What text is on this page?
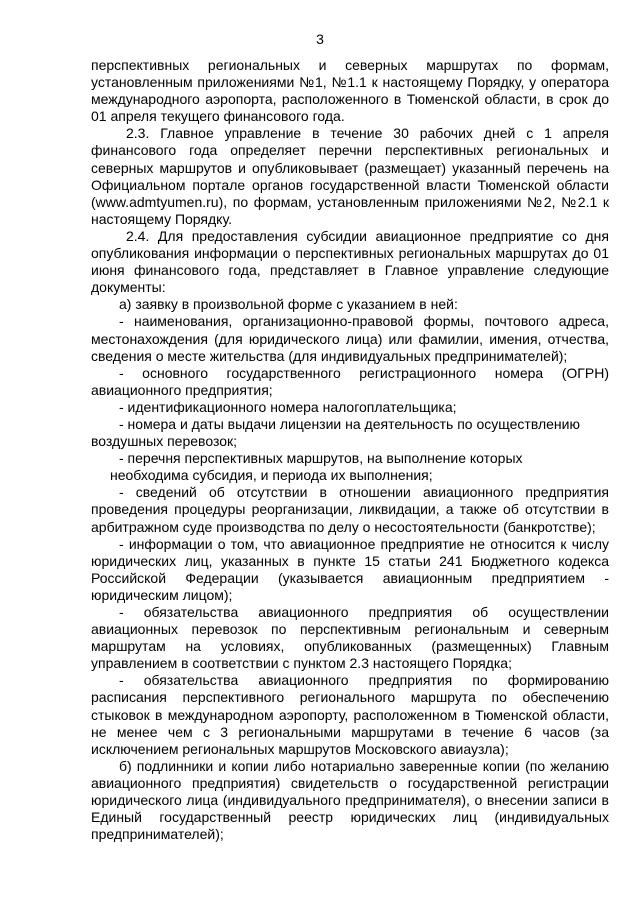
3
перспективных региональных и северных маршрутах по формам,
установленным приложениями №1, №1.1 к настоящему Порядку, у оператора
международного аэропорта, расположенного в Тюменской области, в срок до
01 апреля текущего финансового года.
2.3. Главное управление в течение 30 рабочих дней с 1 апреля
финансового года определяет перечни перспективных региональных и
северных маршрутов и опубликовывает (размещает) указанный перечень на
Официальном портале органов государственной власти Тюменской области
(www.admtyumen.ru), по формам, установленным приложениями №2, №2.1 к
настоящему Порядку.
2.4. Для предоставления субсидии авиационное предприятие со дня
опубликования информации о перспективных региональных маршрутах до 01
июня финансового года, представляет в Главное управление следующие
документы:
а) заявку в произвольной форме с указанием в ней:
- наименования, организационно-правовой формы, почтового адреса,
местонахождения (для юридического лица) или фамилии, имения, отчества,
сведения о месте жительства (для индивидуальных предпринимателей);
- основного государственного регистрационного номера (ОГРН)
авиационного предприятия;
- идентификационного номера налогоплательщика;
- номера и даты выдачи лицензии на деятельность по осуществлению
воздушных перевозок;
- перечня перспективных маршрутов, на выполнение которых
необходима субсидия, и периода их выполнения;
- сведений об отсутствии в отношении авиационного предприятия
проведения процедуры реорганизации, ликвидации, а также об отсутствии в
арбитражном суде производства по делу о несостоятельности (банкротстве);
- информации о том, что авиационное предприятие не относится к числу
юридических лиц, указанных в пункте 15 статьи 241 Бюджетного кодекса
Российской Федерации (указывается авиационным предприятием -
юридическим лицом);
- обязательства авиационного предприятия об осуществлении
авиационных перевозок по перспективным региональным и северным
маршрутам на условиях, опубликованных (размещенных) Главным
управлением в соответствии с пунктом 2.3 настоящего Порядка;
- обязательства авиационного предприятия по формированию
расписания перспективного регионального маршрута по обеспечению
стыковок в международном аэропорту, расположенном в Тюменской области,
не менее чем с 3 региональными маршрутами в течение 6 часов (за
исключением региональных маршрутов Московского авиаузла);
б) подлинники и копии либо нотариально заверенные копии (по желанию
авиационного предприятия) свидетельств о государственной регистрации
юридического лица (индивидуального предпринимателя), о внесении записи в
Единый государственный реестр юридических лиц (индивидуальных
предпринимателей);
